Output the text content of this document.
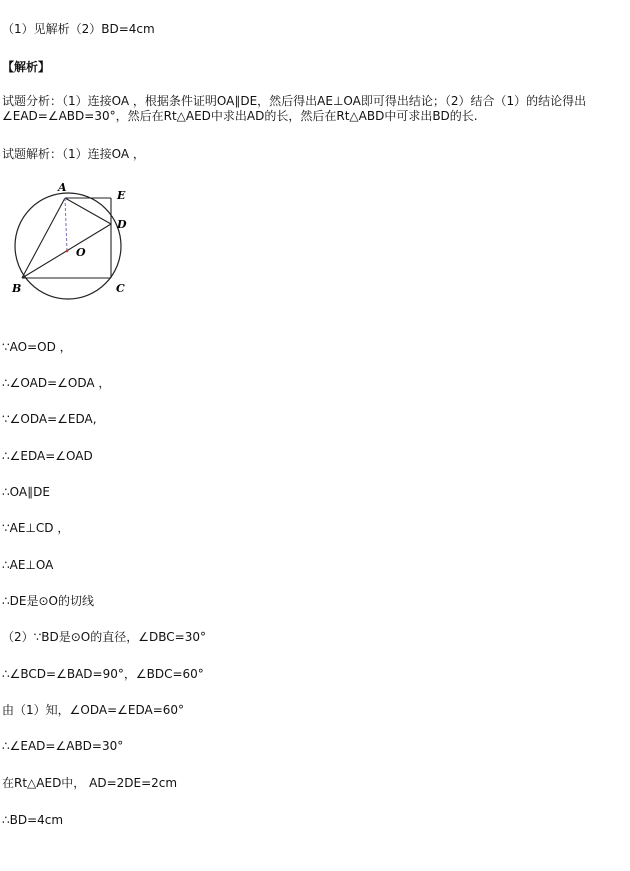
（1）见解析（2）BD=4cm
【解析】
试题分析：（1）连接OA ，根据条件证明OA∥DE，然后得出AE⊥OA即可得出结论；（2）结合（1）的结论得出∠EAD=∠ABD=30°，然后在Rt△AED中求出AD的长，然后在Rt△ABD中可求出BD的长.
试题解析：（1）连接OA ，
A
E
D
O
B	C
∵AO=OD ，
∴∠OAD=∠ODA ，
∵∠ODA=∠EDA,
∴∠EDA=∠OAD
∴OA∥DE
∵AE⊥CD ，
∴AE⊥OA
∴DE是⊙O的切线
（2）∵BD是⊙O的直径，∠DBC=30°
∴∠BCD=∠BAD=90°，∠BDC=60°
由（1）知，∠ODA=∠EDA=60°
∴∠EAD=∠ABD=30°
在Rt△AED中， AD=2DE=2cm
∴BD=4cm
